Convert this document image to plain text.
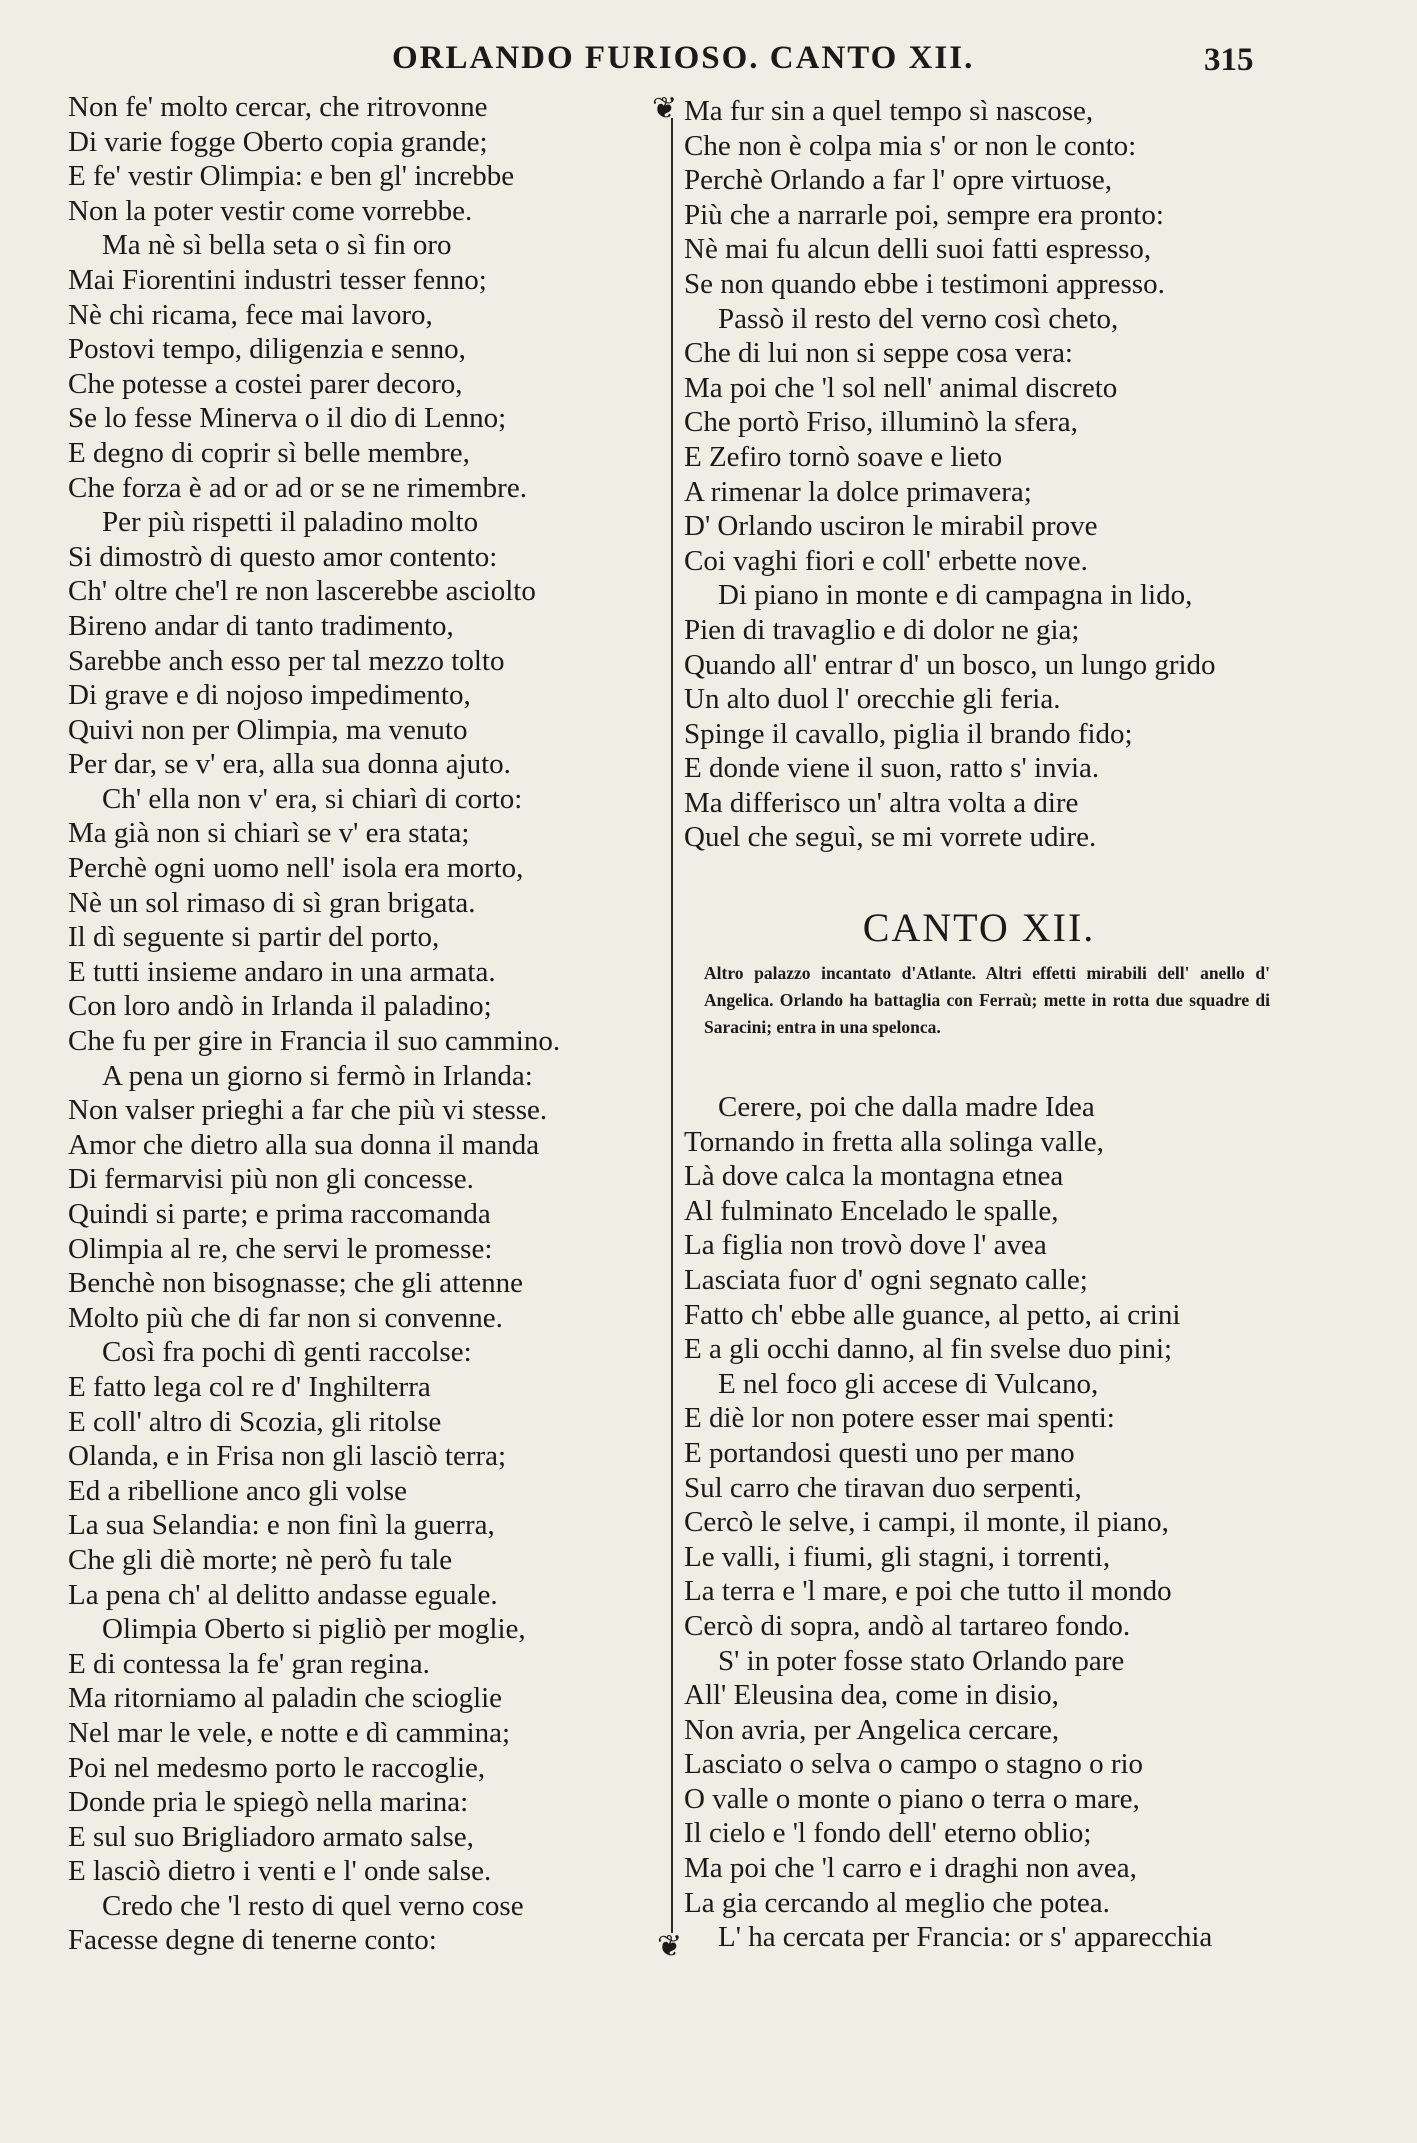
ORLANDO FURIOSO. CANTO XII.	315
Non fe' molto cercar, che ritrovonne
Di varie fogge Oberto copia grande;
E fe' vestir Olimpia: e ben gl' increbbe
Non la poter vestir come vorrebbe.
Ma nè sì bella seta o sì fin oro
Mai Fiorentini industri tesser fenno;
Nè chi ricama, fece mai lavoro,
Postovi tempo, diligenzia e senno,
Che potesse a costei parer decoro,
Se lo fesse Minerva o il dio di Lenno;
E degno di coprir sì belle membre,
Che forza è ad or ad or se ne rimembre.
Per più rispetti il paladino molto
Si dimostrò di questo amor contento:
Ch' oltre che'l re non lascerebbe asciolto
Bireno andar di tanto tradimento,
Sarebbe anch esso per tal mezzo tolto
Di grave e di nojoso impedimento,
Quivi non per Olimpia, ma venuto
Per dar, se v' era, alla sua donna ajuto.
Ch' ella non v' era, si chiarì di corto:
Ma già non si chiarì se v' era stata;
Perchè ogni uomo nell' isola era morto,
Nè un sol rimaso di sì gran brigata.
Il dì seguente si partir del porto,
E tutti insieme andaro in una armata.
Con loro andò in Irlanda il paladino;
Che fu per gire in Francia il suo cammino.
A pena un giorno si fermò in Irlanda:
Non valser prieghi a far che più vi stesse.
Amor che dietro alla sua donna il manda
Di fermarvisi più non gli concesse.
Quindi si parte; e prima raccomanda
Olimpia al re, che servi le promesse:
Benchè non bisognasse; che gli attenne
Molto più che di far non si convenne.
Così fra pochi dì genti raccolse:
E fatto lega col re d' Inghilterra
E coll' altro di Scozia, gli ritolse
Olanda, e in Frisa non gli lasciò terra;
Ed a ribellione anco gli volse
La sua Selandia: e non finì la guerra,
Che gli diè morte; nè però fu tale
La pena ch' al delitto andasse eguale.
Olimpia Oberto si pigliò per moglie,
E di contessa la fe' gran regina.
Ma ritorniamo al paladin che scioglie
Nel mar le vele, e notte e dì cammina;
Poi nel medesmo porto le raccoglie,
Donde pria le spiegò nella marina:
E sul suo Brigliadoro armato salse,
E lasciò dietro i venti e l' onde salse.
Credo che 'l resto di quel verno cose
Facesse degne di tenerne conto:
❦
❦
Ma fur sin a quel tempo sì nascose,
Che non è colpa mia s' or non le conto:
Perchè Orlando a far l' opre virtuose,
Più che a narrarle poi, sempre era pronto:
Nè mai fu alcun delli suoi fatti espresso,
Se non quando ebbe i testimoni appresso.
Passò il resto del verno così cheto,
Che di lui non si seppe cosa vera:
Ma poi che 'l sol nell' animal discreto
Che portò Friso, illuminò la sfera,
E Zefiro tornò soave e lieto
A rimenar la dolce primavera;
D' Orlando usciron le mirabil prove
Coi vaghi fiori e coll' erbette nove.
Di piano in monte e di campagna in lido,
Pien di travaglio e di dolor ne gia;
Quando all' entrar d' un bosco, un lungo grido
Un alto duol l' orecchie gli feria.
Spinge il cavallo, piglia il brando fido;
E donde viene il suon, ratto s' invia.
Ma differisco un' altra volta a dire
Quel che seguì, se mi vorrete udire.
CANTO XII.
Altro palazzo incantato d'Atlante. Altri effetti mirabili dell' anello d' Angelica. Orlando ha battaglia con Ferraù; mette in rotta due squadre di Saracini; entra in una spelonca.
Cerere, poi che dalla madre Idea
Tornando in fretta alla solinga valle,
Là dove calca la montagna etnea
Al fulminato Encelado le spalle,
La figlia non trovò dove l' avea
Lasciata fuor d' ogni segnato calle;
Fatto ch' ebbe alle guance, al petto, ai crini
E a gli occhi danno, al fin svelse duo pini;
E nel foco gli accese di Vulcano,
E diè lor non potere esser mai spenti:
E portandosi questi uno per mano
Sul carro che tiravan duo serpenti,
Cercò le selve, i campi, il monte, il piano,
Le valli, i fiumi, gli stagni, i torrenti,
La terra e 'l mare, e poi che tutto il mondo
Cercò di sopra, andò al tartareo fondo.
S' in poter fosse stato Orlando pare
All' Eleusina dea, come in disio,
Non avria, per Angelica cercare,
Lasciato o selva o campo o stagno o rio
O valle o monte o piano o terra o mare,
Il cielo e 'l fondo dell' eterno oblio;
Ma poi che 'l carro e i draghi non avea,
La gia cercando al meglio che potea.
L' ha cercata per Francia: or s' apparecchia
